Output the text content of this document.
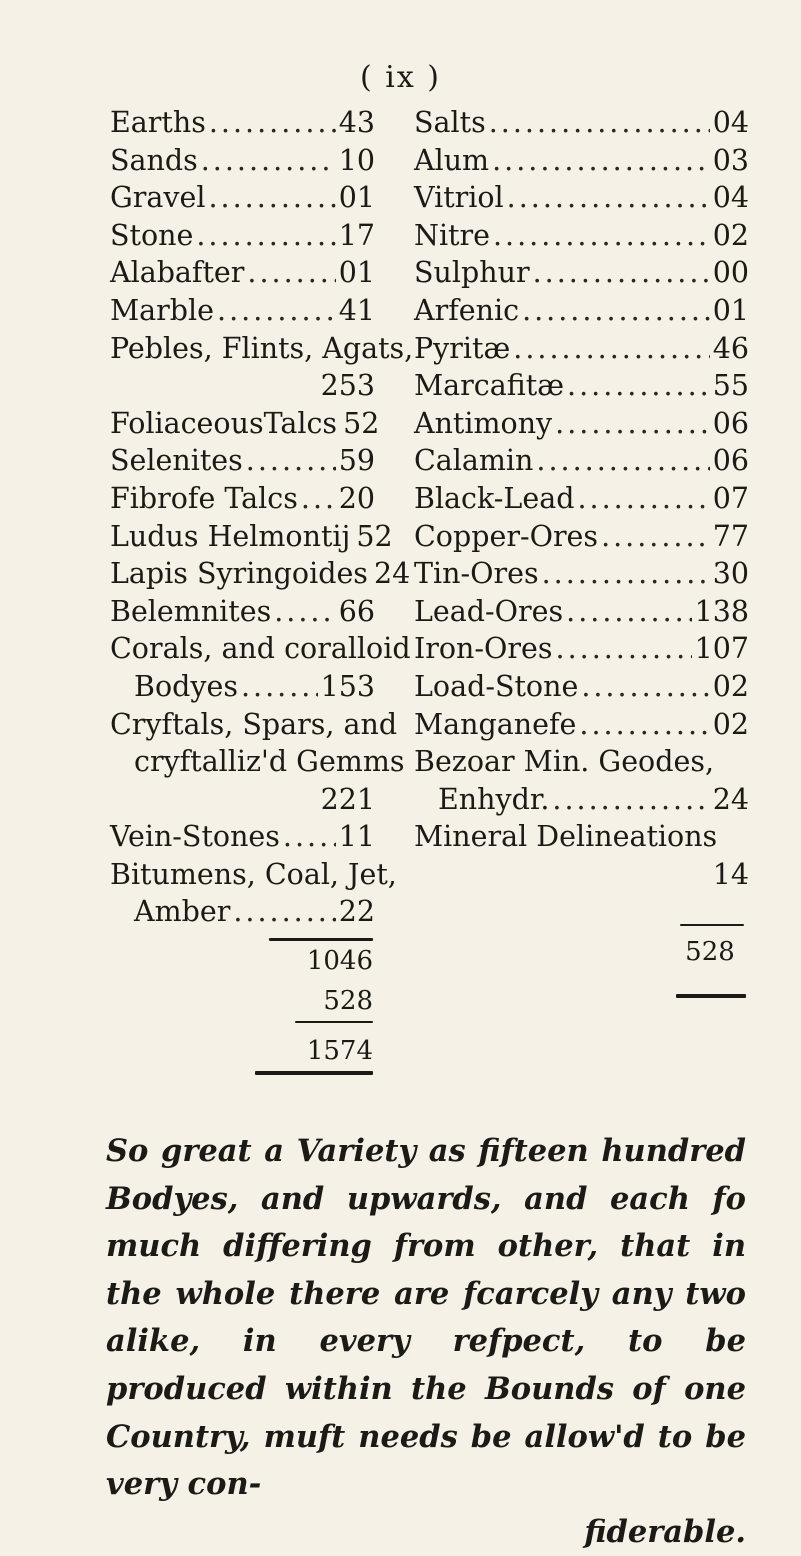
( ix )
Earths .....	43
Sands .....	10
Gravel .....	01
Stone .....	17
Alabafter .....	01
Marble .....	41
Pebles, Flints, Agats,
253
FoliaceousTalcs 52
Selenites .....	59
Fibrofe Talcs ..... 20
Ludus Helmontij 52
Lapis Syringoides 24
Belemnites ..... 66
Corals, and coralloid
Bodyes .....	153
Cryftals, Spars, and
cryftalliz'd Gemms
221
Vein-Stones ..... 11
Bitumens, Coal, Jet,
Amber .....	22
1046
528
1574
Salts .....	04
Alum .....	03
Vitriol .....	04
Nitre .....	02
Sulphur .....	00
Arfenic .....	01
Pyritæ .....	46
Marcafitæ .....	55
Antimony .....	06
Calamin .....	06
Black-Lead .....	07
Copper-Ores .....	77
Tin-Ores .....	30
Lead-Ores .....	138
Iron-Ores .....	107
Load-Stone .....	02
Manganefe .....	02
Bezoar Min. Geodes,
Enhydr. .....	24
Mineral Delineations
14
528
So great a Variety as fifteen hundred Bodyes, and upwards, and each fo much differing from other, that in the whole there are fcarcely any two alike, in every refpect, to be produced within the Bounds of one Country, muft needs be allow'd to be very con-
fiderable.
